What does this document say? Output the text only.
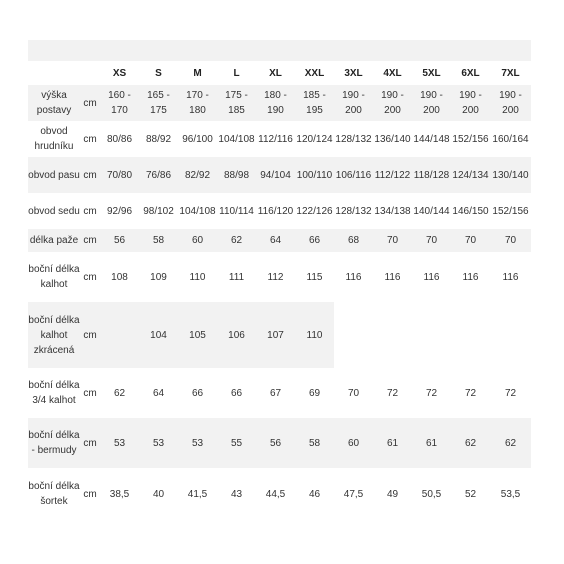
		XS	S	M	L	XL	XXL	3XL	4XL	5XL	6XL	7XL
výška postavy	cm	160 - 170	165 - 175	170 - 180	175 - 185	180 - 190	185 - 195	190 - 200	190 - 200	190 - 200	190 - 200	190 - 200
obvod hrudníku	cm	80/86	88/92	96/100	104/108	112/116	120/124	128/132	136/140	144/148	152/156	160/164
obvod pasu	cm	70/80	76/86	82/92	88/98	94/104	100/110	106/116	112/122	118/128	124/134	130/140
obvod sedu	cm	92/96	98/102	104/108	110/114	116/120	122/126	128/132	134/138	140/144	146/150	152/156
délka paže	cm	56	58	60	62	64	66	68	70	70	70	70
boční délka kalhot	cm	108	109	110	111	112	115	116	116	116	116	116
boční délka kalhot zkrácená	cm		104	105	106	107	110					
boční délka 3/4 kalhot	cm	62	64	66	66	67	69	70	72	72	72	72
boční délka - bermudy	cm	53	53	53	55	56	58	60	61	61	62	62
boční délka šortek	cm	38,5	40	41,5	43	44,5	46	47,5	49	50,5	52	53,5
